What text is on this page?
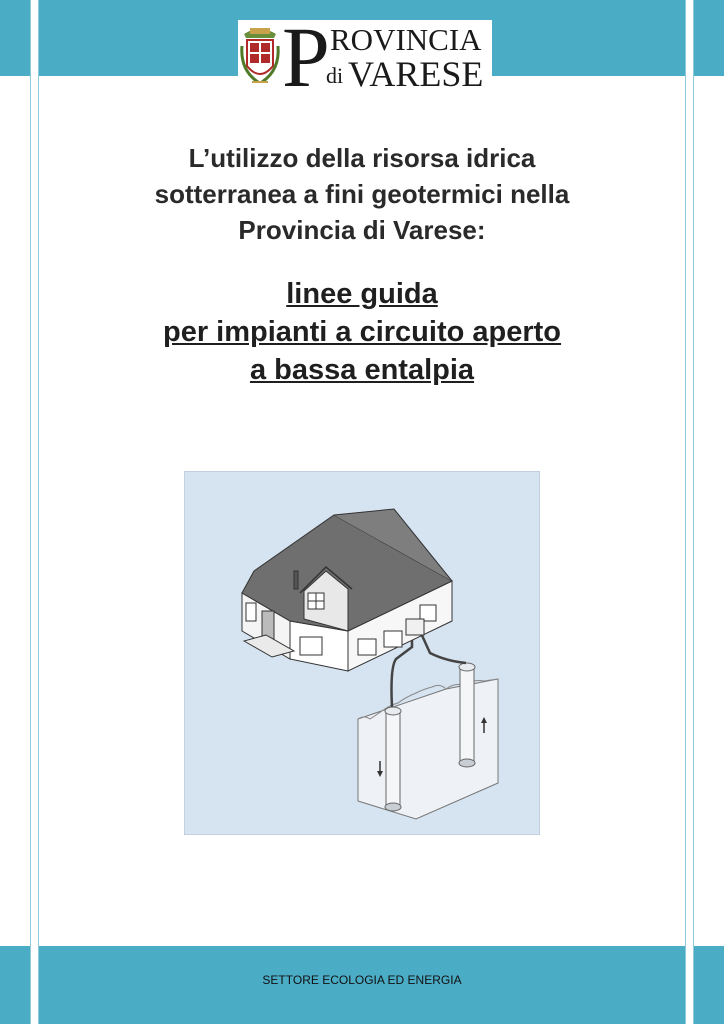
P ROVINCIA
di VARESE
L’utilizzo della risorsa idrica
sotterranea a fini geotermici nella
Provincia di Varese:
linee guida
per impianti a circuito aperto
a bassa entalpia
SETTORE ECOLOGIA ED ENERGIA
